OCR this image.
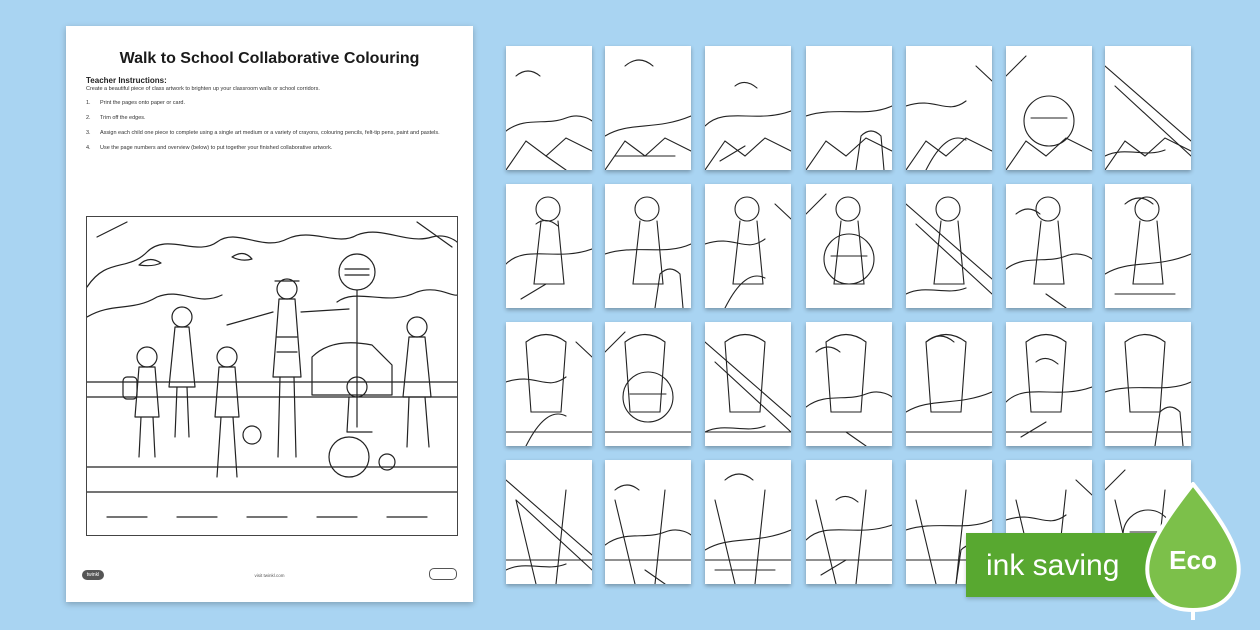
Walk to School Collaborative Colouring
Teacher Instructions:
Create a beautiful piece of class artwork to brighten up your classroom walls or school corridors.
1.	Print the pages onto paper or card.
2.	Trim off the edges.
3.	Assign each child one piece to complete using a single art medium or a variety of crayons, colouring pencils, felt-tip pens, paint and pastels.
4.	Use the page numbers and overview (below) to put together your finished collaborative artwork.
twinkl	visit twinkl.com	ink saving	Eco
